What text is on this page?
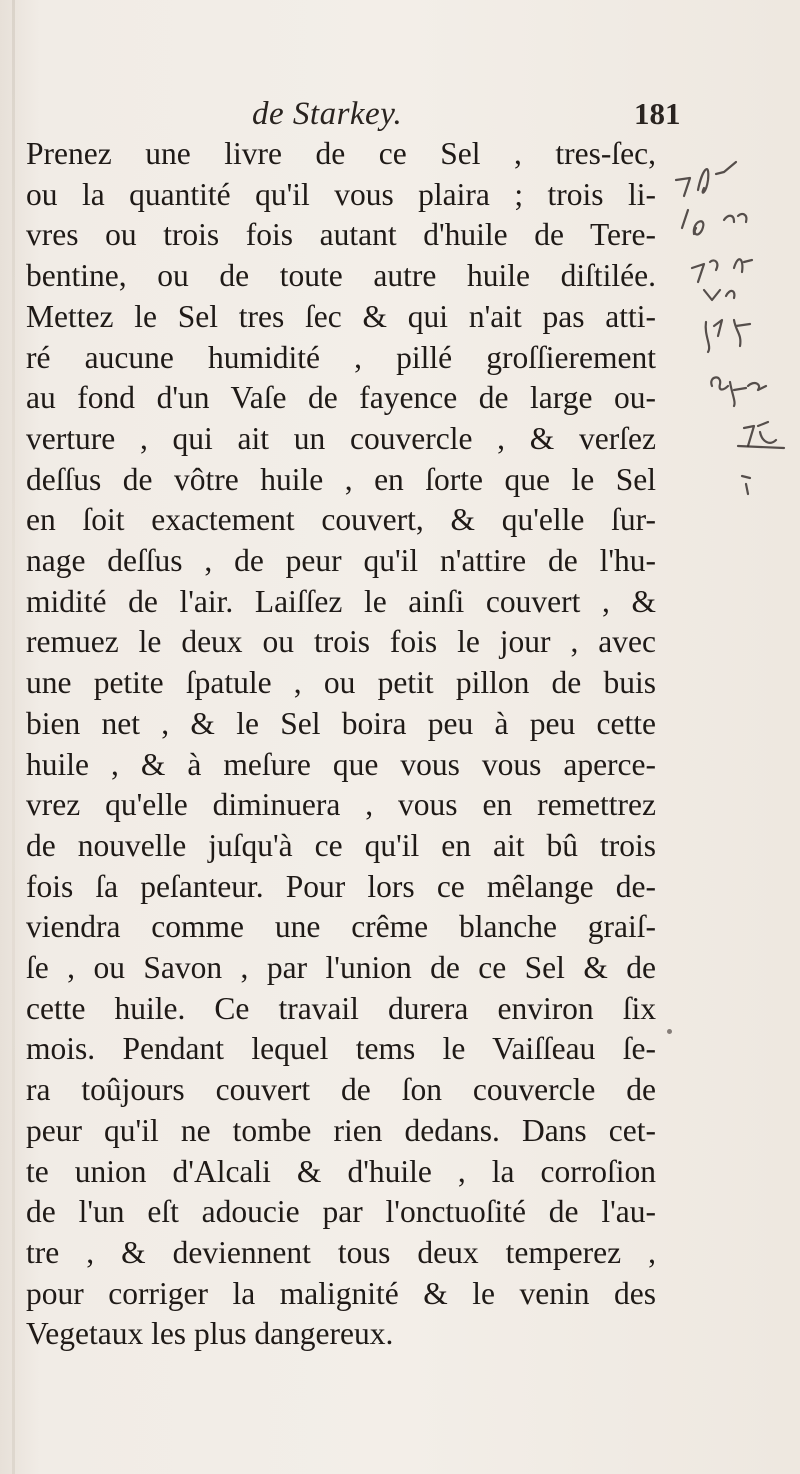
de Starkey.	181
Prenez une livre de ce Sel , tres-ſec,
ou la quantité qu'il vous plaira ; trois li-
vres ou trois fois autant d'huile de Tere-
bentine, ou de toute autre huile diſtilée.
Mettez le Sel tres ſec & qui n'ait pas atti-
ré aucune humidité , pillé groſſierement
au fond d'un Vaſe de fayence de large ou-
verture , qui ait un couvercle , & verſez
deſſus de vôtre huile , en ſorte que le Sel
en ſoit exactement couvert, & qu'elle ſur-
nage deſſus , de peur qu'il n'attire de l'hu-
midité de l'air. Laiſſez le ainſi couvert , &
remuez le deux ou trois fois le jour , avec
une petite ſpatule , ou petit pillon de buis
bien net , & le Sel boira peu à peu cette
huile , & à meſure que vous vous aperce-
vrez qu'elle diminuera , vous en remettrez
de nouvelle juſqu'à ce qu'il en ait bû trois
fois ſa peſanteur. Pour lors ce mêlange de-
viendra comme une crême blanche graiſ-
ſe , ou Savon , par l'union de ce Sel & de
cette huile. Ce travail durera environ ſix
mois. Pendant lequel tems le Vaiſſeau ſe-
ra toûjours couvert de ſon couvercle de
peur qu'il ne tombe rien dedans. Dans cet-
te union d'Alcali & d'huile , la corroſion
de l'un eſt adoucie par l'onctuoſité de l'au-
tre , & deviennent tous deux temperez ,
pour corriger la malignité & le venin des
Vegetaux les plus dangereux.
